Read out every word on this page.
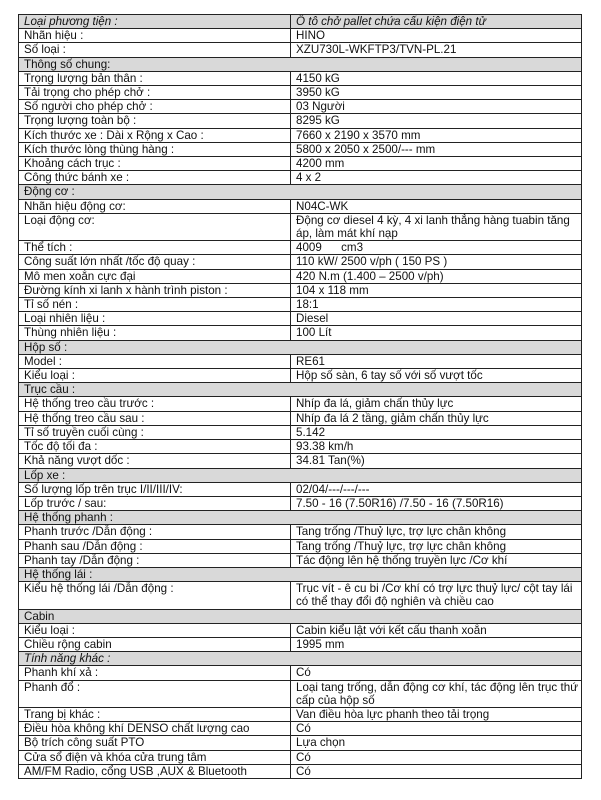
Loại phương tiện :	Ô tô chở pallet chứa cấu kiện điện tử
Nhãn hiệu :	HINO
Số loại :	XZU730L-WKFTP3/TVN-PL.21
Thông số chung:	
Trọng lượng bản thân :	4150 kG
Tải trọng cho phép chở :	3950 kG
Số người cho phép chở :	03 Người
Trọng lượng toàn bộ :	8295 kG
Kích thước xe : Dài x Rộng x Cao :	7660 x 2190 x 3570 mm
Kích thước lòng thùng hàng :	5800 x 2050 x 2500/--- mm
Khoảng cách trục :	4200 mm
Công thức bánh xe :	4 x 2
Động cơ :	
Nhãn hiệu động cơ:	N04C-WK
Loại động cơ:	Động cơ diesel 4 kỳ, 4 xi lanh thẳng hàng tuabin tăng áp, làm mát khí nạp
Thể tích :	4009      cm3
Công suất lớn nhất /tốc độ quay :	110 kW/ 2500 v/ph ( 150 PS )
Mô men xoắn cực đại	420 N.m (1.400 – 2500 v/ph)
Đường kính xi lanh x hành trình piston :	104 x 118 mm
Tỉ số nén :	18:1
Loại nhiên liệu :	Diesel
Thùng nhiên liệu :	100 Lít
Hộp số :	
Model :	RE61
Kiểu loại :	Hộp số sàn, 6 tay số với số vượt tốc
Trục cầu :	
Hệ thống treo cầu trước :	Nhíp đa lá, giảm chấn thủy lực
Hệ thống treo cầu sau :	Nhíp đa lá 2 tầng, giảm chấn thủy lực
Tỉ số truyền cuối cùng :	5.142
Tốc độ tối đa :	93.38 km/h
Khả năng vượt dốc :	34.81 Tan(%)
Lốp xe :	
Số lượng lốp trên trục I/II/III/IV:	02/04/---/---/---
Lốp trước / sau:	7.50 - 16 (7.50R16) /7.50 - 16 (7.50R16)
Hệ thống phanh :	
Phanh trước /Dẫn động :	Tang trống /Thuỷ lực, trợ lực chân không
Phanh sau /Dẫn động :	Tang trống /Thuỷ lực, trợ lực chân không
Phanh tay /Dẫn động :	Tác động lên hệ thống truyền lực /Cơ khí
Hệ thống lái :	
Kiểu hệ thống lái /Dẫn động :	Trục vít - ê cu bi /Cơ khí có trợ lực thuỷ lực/ cột tay lái có thể thay đổi độ nghiên và chiều cao
Cabin	
Kiểu loại :	Cabin kiểu lật với kết cấu thanh xoắn
Chiều rộng cabin	1995 mm
Tính năng khác :	
Phanh khí xả :	Có
Phanh đổ :	Loại tang trống, dẫn động cơ khí, tác động lên trục thứ cấp của hộp số
Trang bị khác :	Van điều hòa lực phanh theo tải trọng
Điều hòa không khí DENSO chất lượng cao	Có
Bộ trích công suất PTO	Lựa chọn
Cửa sổ điện và khóa cửa trung tâm	Có
AM/FM Radio, cổng USB ,AUX & Bluetooth	Có
